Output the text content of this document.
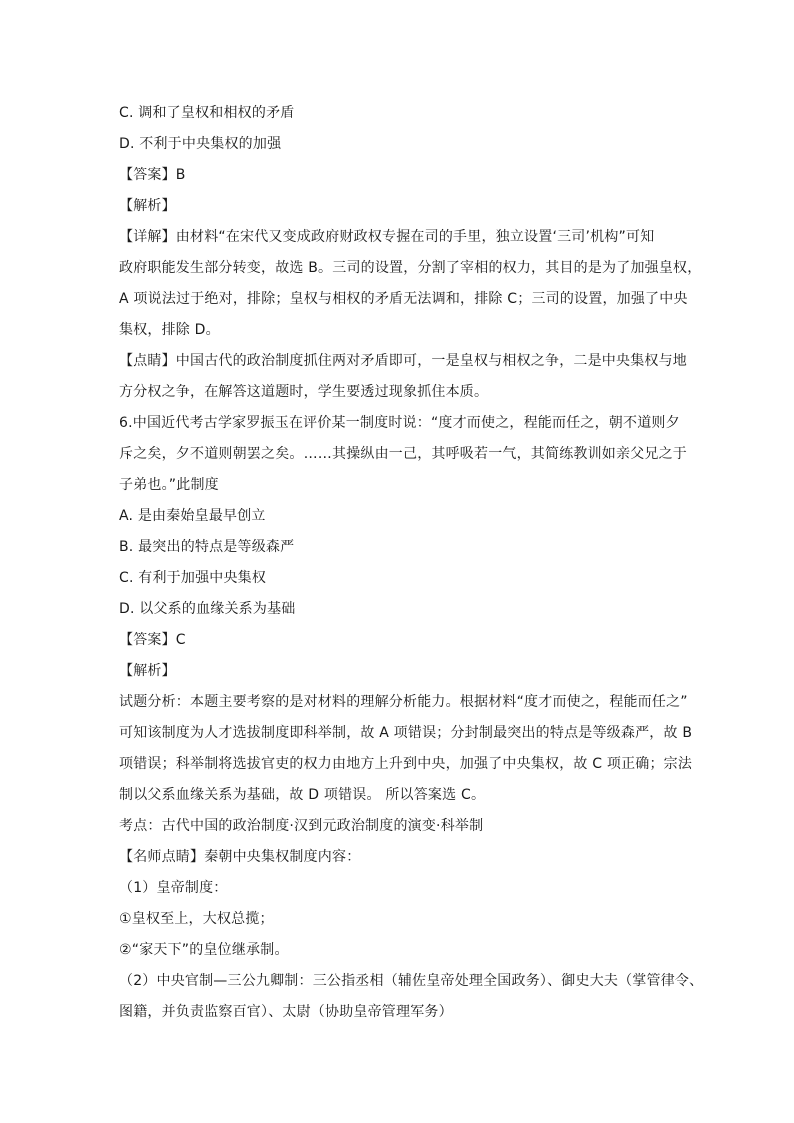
C. 调和了皇权和相权的矛盾
D. 不利于中央集权的加强
【答案】B
【解析】
【详解】由材料“在宋代又变成政府财政权专握在司的手里，独立设置‘三司’机构”可知
政府职能发生部分转变，故选 B。三司的设置，分割了宰相的权力，其目的是为了加强皇权，
A 项说法过于绝对，排除；皇权与相权的矛盾无法调和，排除 C；三司的设置，加强了中央
集权，排除 D。
【点睛】中国古代的政治制度抓住两对矛盾即可，一是皇权与相权之争，二是中央集权与地
方分权之争，在解答这道题时，学生要透过现象抓住本质。
6.中国近代考古学家罗振玉在评价某一制度时说：“度才而使之，程能而任之，朝不道则夕
斥之矣，夕不道则朝罢之矣。……其操纵由一己，其呼吸若一气，其简练教训如亲父兄之于
子弟也。”此制度
A. 是由秦始皇最早创立
B. 最突出的特点是等级森严
C. 有利于加强中央集权
D. 以父系的血缘关系为基础
【答案】C
【解析】
试题分析：本题主要考察的是对材料的理解分析能力。根据材料“度才而使之，程能而任之”
可知该制度为人才选拔制度即科举制，故 A 项错误；分封制最突出的特点是等级森严，故 B
项错误；科举制将选拔官吏的权力由地方上升到中央，加强了中央集权，故 C 项正确；宗法
制以父系血缘关系为基础，故 D 项错误。 所以答案选 C。
考点：古代中国的政治制度·汉到元政治制度的演变·科举制
【名师点睛】秦朝中央集权制度内容：
（1）皇帝制度：
①皇权至上，大权总揽；
②“家天下”的皇位继承制。
（2）中央官制—三公九卿制：三公指丞相（辅佐皇帝处理全国政务）、御史大夫（掌管律令、
图籍，并负责监察百官）、太尉（协助皇帝管理军务）
